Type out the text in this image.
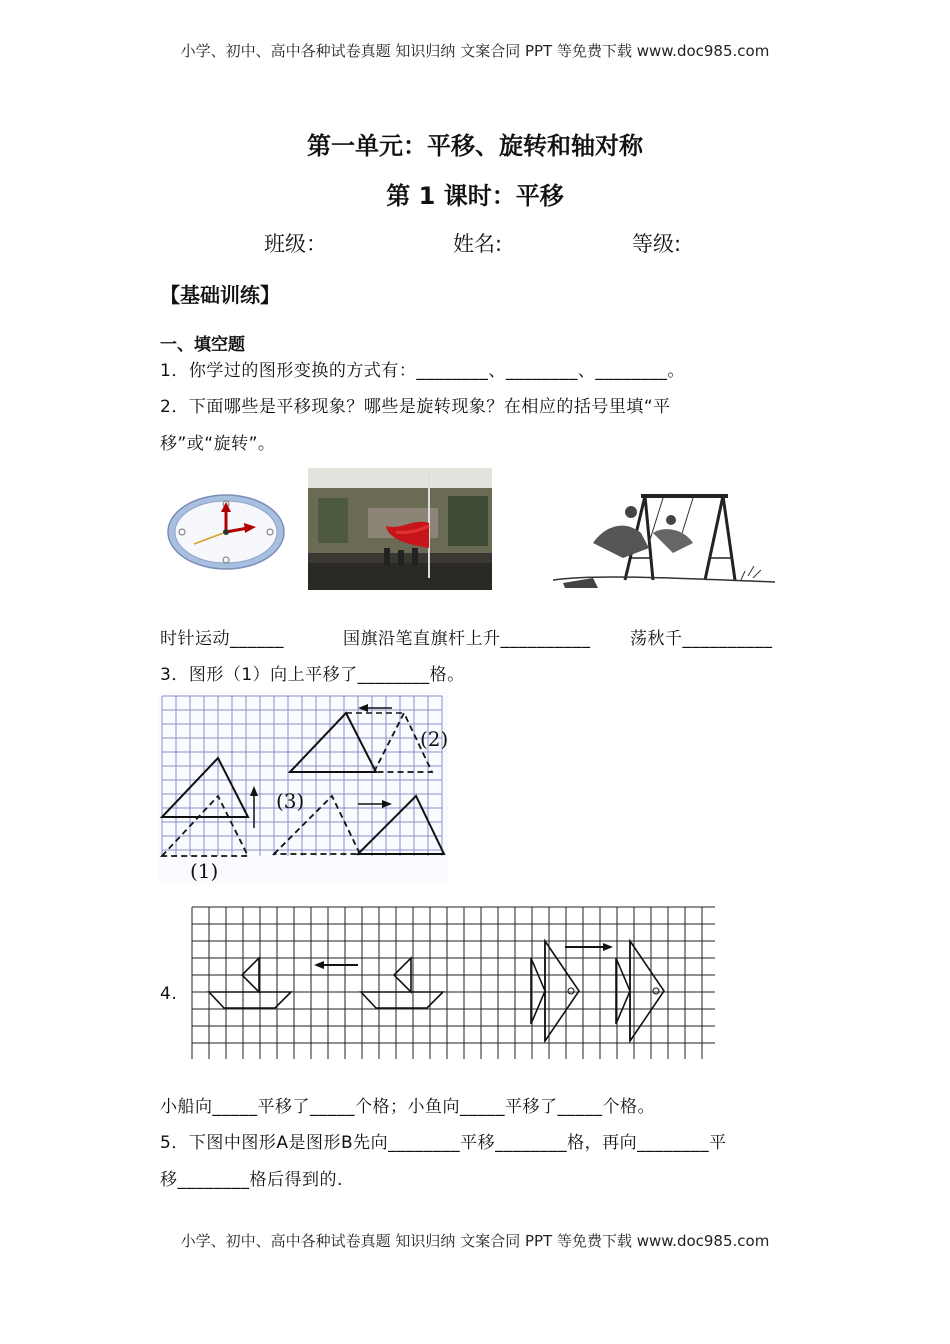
小学、初中、高中各种试卷真题 知识归纳 文案合同 PPT 等免费下载 www.doc985.com
第一单元：平移、旋转和轴对称
第 1 课时：平移
班级：	姓名:	等级:
【基础训练】
一、填空题
1．你学过的图形变换的方式有：________、________、________。
2．下面哪些是平移现象？哪些是旋转现象？在相应的括号里填“平
移”或“旋转”。
时针运动______	国旗沿笔直旗杆上升__________ 荡秋千__________
3．图形（1）向上平移了________格。
(1)
(2)
(3)
4.
小船向_____平移了_____个格；小鱼向_____平移了_____个格。
5．下图中图形A是图形B先向________平移________格，再向________平
移________格后得到的.
小学、初中、高中各种试卷真题 知识归纳 文案合同 PPT 等免费下载 www.doc985.com
